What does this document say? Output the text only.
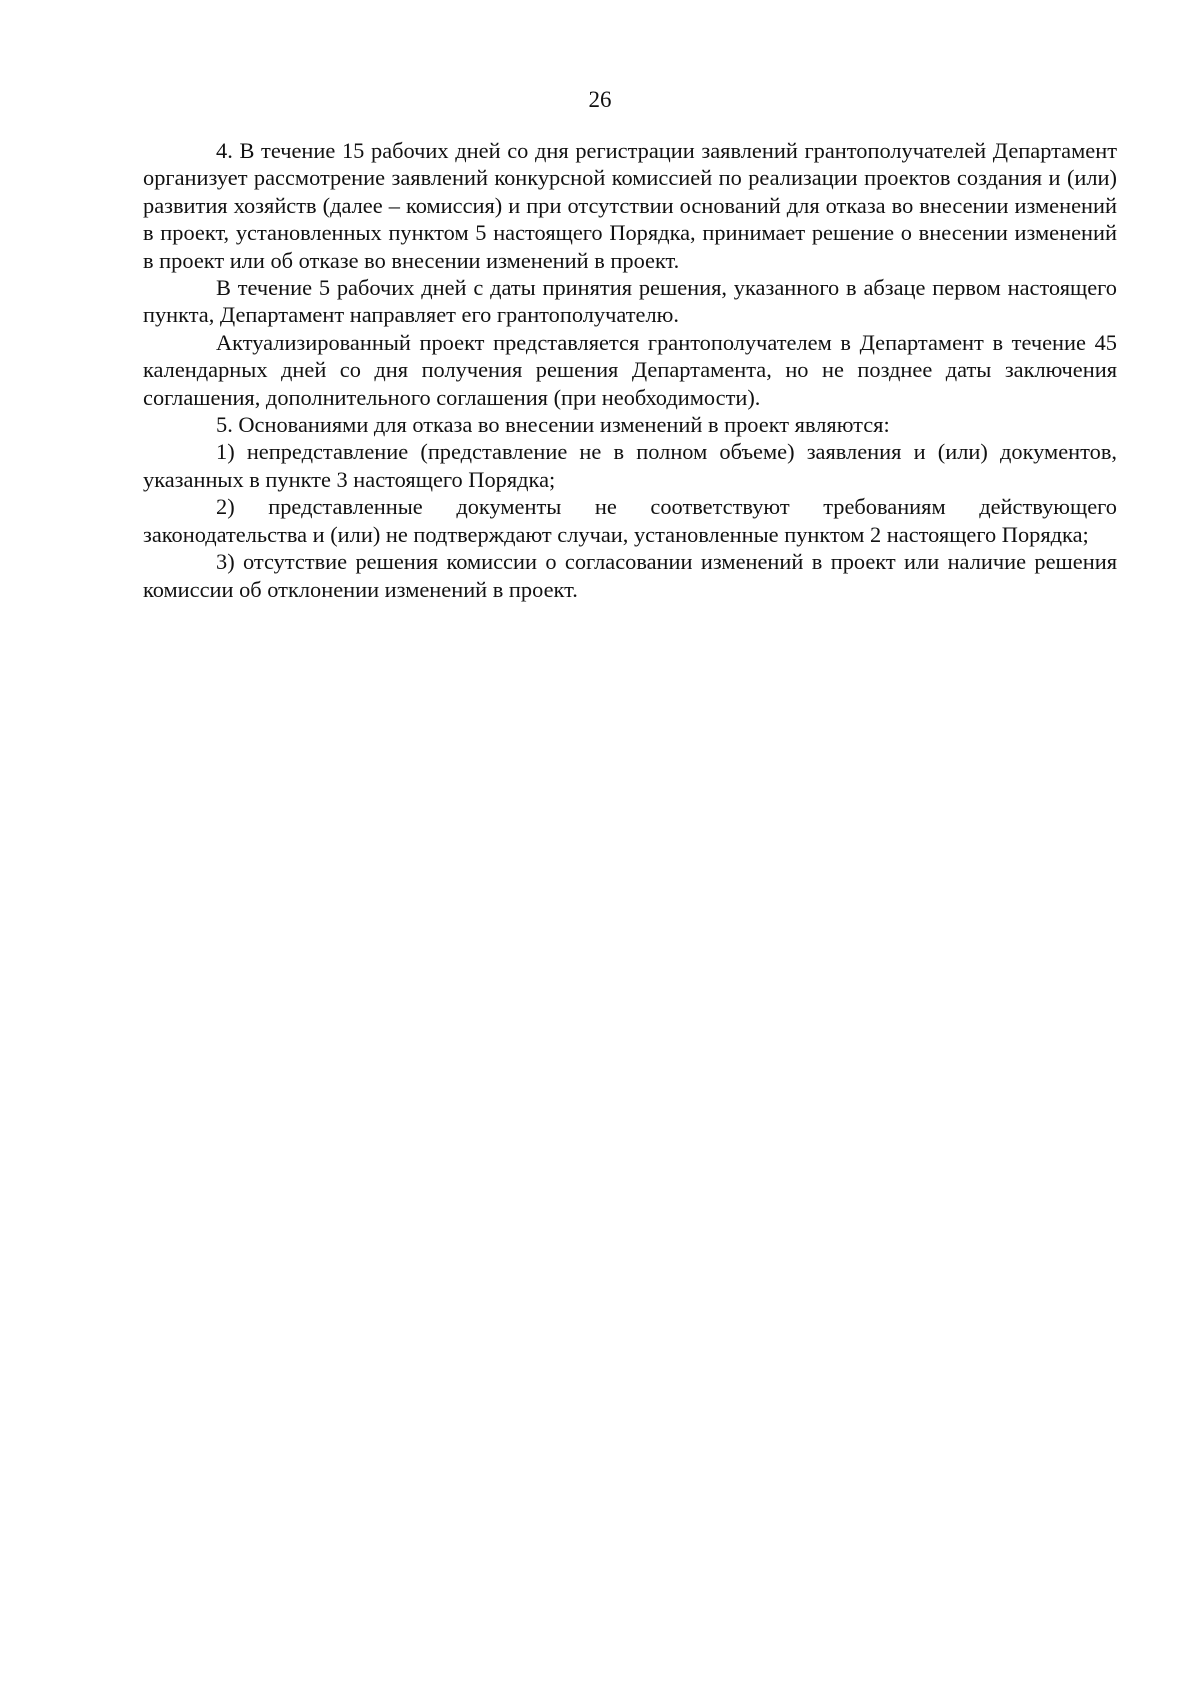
26

4. В течение 15 рабочих дней со дня регистрации заявлений грантополучателей Департамент организует рассмотрение заявлений конкурсной комиссией по реализации проектов создания и (или) развития хозяйств (далее – комиссия) и при отсутствии оснований для отказа во внесении изменений в проект, установленных пунктом 5 настоящего Порядка, принимает решение о внесении изменений в проект или об отказе во внесении изменений в проект.

В течение 5 рабочих дней с даты принятия решения, указанного в абзаце первом настоящего пункта, Департамент направляет его грантополучателю.

Актуализированный проект представляется грантополучателем в Департамент в течение 45 календарных дней со дня получения решения Департамента, но не позднее даты заключения соглашения, дополнительного соглашения (при необходимости).

5. Основаниями для отказа во внесении изменений в проект являются:

1) непредставление (представление не в полном объеме) заявления и (или) документов, указанных в пункте 3 настоящего Порядка;

2) представленные документы не соответствуют требованиям действующего законодательства и (или) не подтверждают случаи, установленные пунктом 2 настоящего Порядка;

3) отсутствие решения комиссии о согласовании изменений в проект или наличие решения комиссии об отклонении изменений в проект.
